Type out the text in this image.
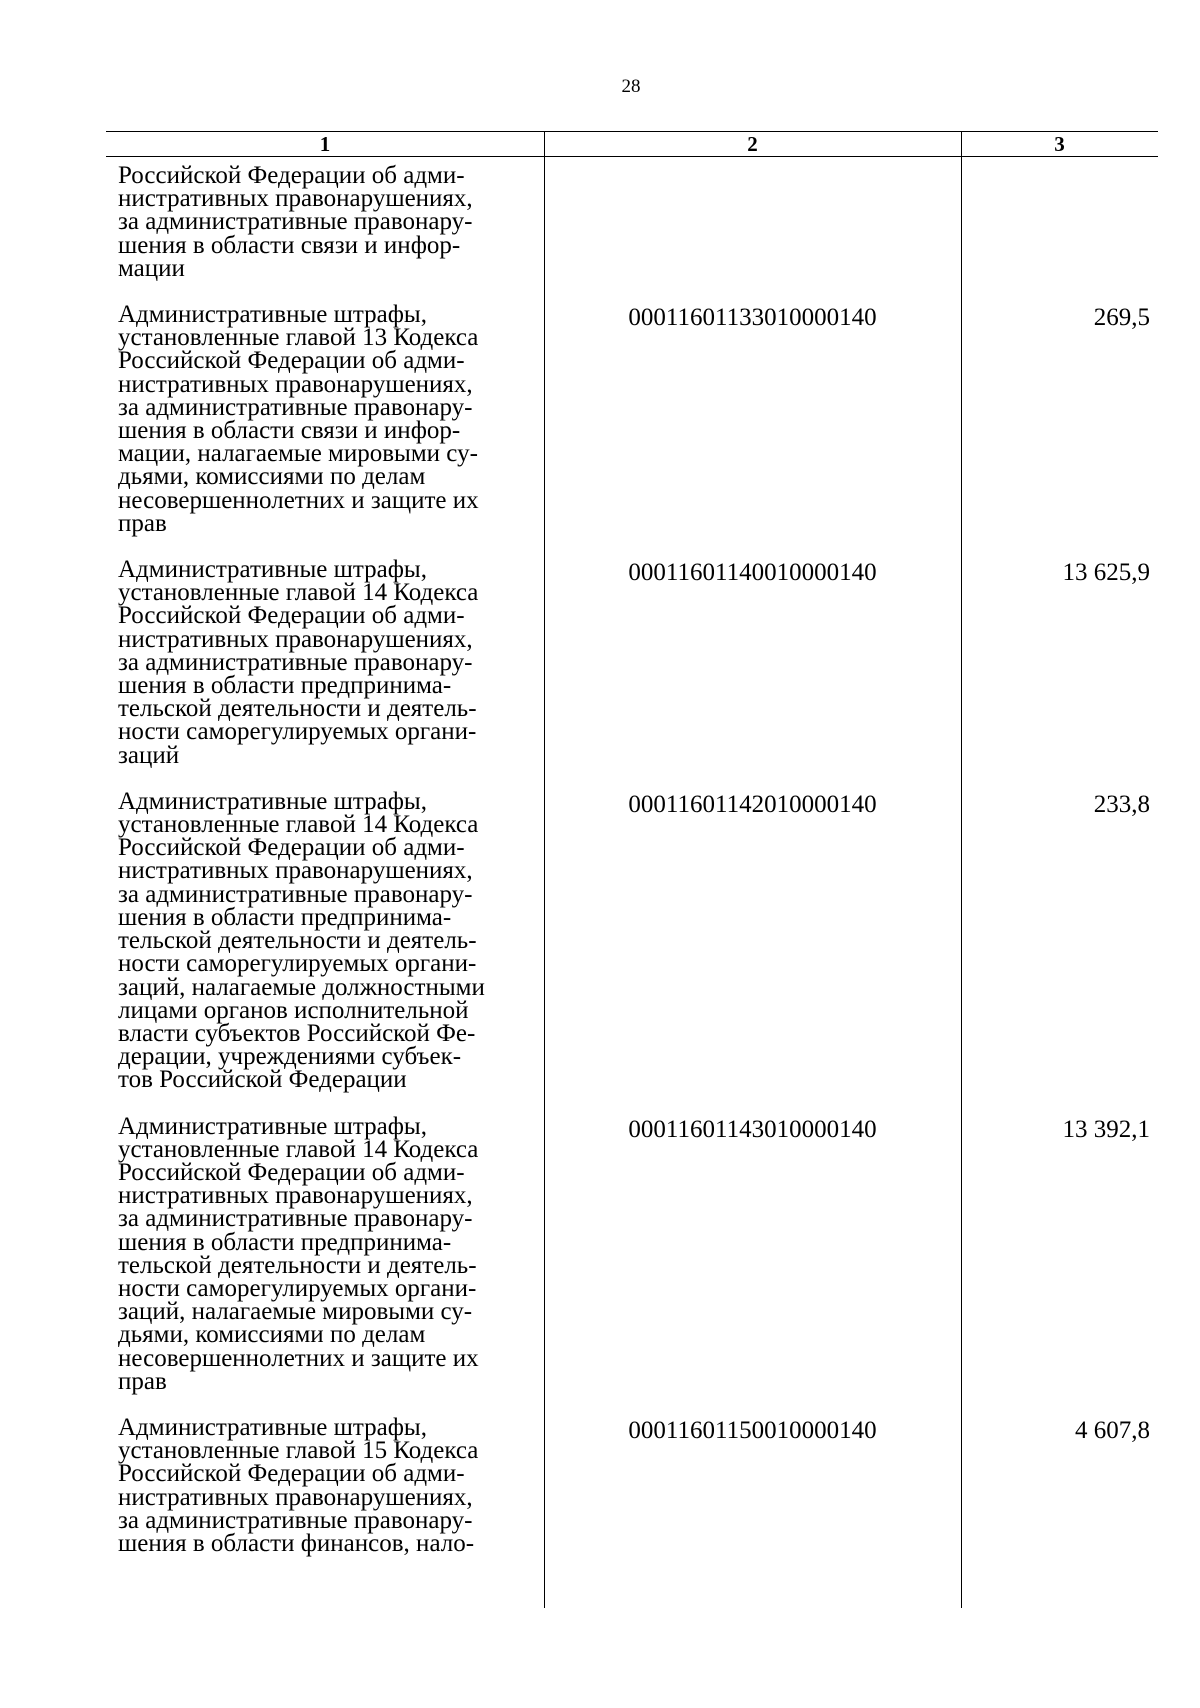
28
1	2	3
Российской Федерации об адми-
нистративных правонарушениях,
за административные правонару-
шения в области связи и инфор-
мации
Административные штрафы,
установленные главой 13 Кодекса
Российской Федерации об адми-
нистративных правонарушениях,
за административные правонару-
шения в области связи и инфор-
мации, налагаемые мировыми су-
дьями, комиссиями по делам
несовершеннолетних и защите их
прав
00011601133010000140	269,5
Административные штрафы,
установленные главой 14 Кодекса
Российской Федерации об адми-
нистративных правонарушениях,
за административные правонару-
шения в области предпринима-
тельской деятельности и деятель-
ности саморегулируемых органи-
заций
00011601140010000140	13 625,9
Административные штрафы,
установленные главой 14 Кодекса
Российской Федерации об адми-
нистративных правонарушениях,
за административные правонару-
шения в области предпринима-
тельской деятельности и деятель-
ности саморегулируемых органи-
заций, налагаемые должностными
лицами органов исполнительной
власти субъектов Российской Фе-
дерации, учреждениями субъек-
тов Российской Федерации
00011601142010000140	233,8
Административные штрафы,
установленные главой 14 Кодекса
Российской Федерации об адми-
нистративных правонарушениях,
за административные правонару-
шения в области предпринима-
тельской деятельности и деятель-
ности саморегулируемых органи-
заций, налагаемые мировыми су-
дьями, комиссиями по делам
несовершеннолетних и защите их
прав
00011601143010000140	13 392,1
Административные штрафы,
установленные главой 15 Кодекса
Российской Федерации об адми-
нистративных правонарушениях,
за административные правонару-
шения в области финансов, нало-
00011601150010000140	4 607,8
